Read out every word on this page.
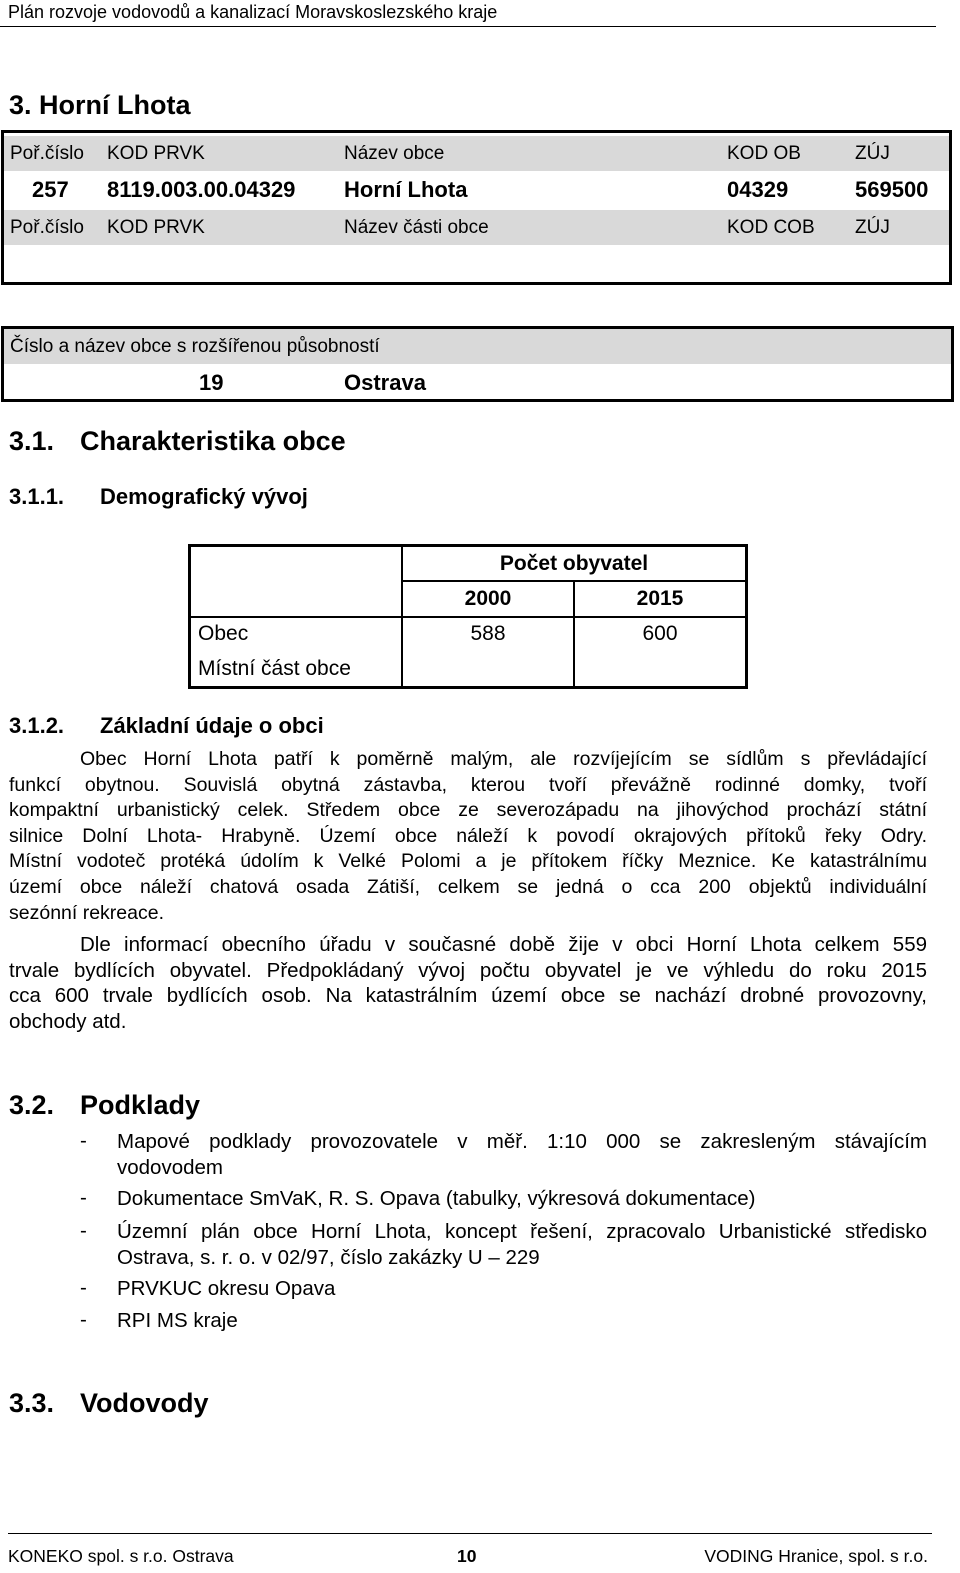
Plán rozvoje vodovodů a kanalizací Moravskoslezského kraje
3. Horní Lhota
Poř.číslo KOD PRVK	Název obce	KOD OB	ZÚJ
257 8119.003.00.04329 Horní Lhota	04329	569500
Poř.číslo KOD PRVK	Název části obce	KOD COB ZÚJ
Číslo a název obce s rozšířenou působností
19	Ostrava
3.1. Charakteristika obce
3.1.1. Demografický vývoj
Počet obyvatel
2000	2015
Obec	588	600
Místní část obce
3.1.2. Základní údaje o obci
Obec Horní Lhota patří k poměrně malým, ale rozvíjejícím se sídlům s převládající
funkcí obytnou. Souvislá obytná zástavba, kterou tvoří převážně rodinné domky, tvoří
kompaktní urbanistický celek. Středem obce ze severozápadu na jihovýchod prochází státní
silnice Dolní Lhota- Hrabyně. Území obce náleží k povodí okrajových přítoků řeky Odry.
Místní vodoteč protéká údolím k Velké Polomi a je přítokem říčky Meznice. Ke katastrálnímu
území obce náleží chatová osada Zátiší, celkem se jedná o cca 200 objektů individuální
sezónní rekreace.
Dle informací obecního úřadu v současné době žije v obci Horní Lhota celkem 559
trvale bydlících obyvatel. Předpokládaný vývoj počtu obyvatel je ve výhledu do roku 2015
cca 600 trvale bydlících osob. Na katastrálním území obce se nachází drobné provozovny,
obchody atd.
3.2. Podklady
- Mapové podklady provozovatele v měř. 1:10 000 se zakresleným stávajícím
vodovodem
- Dokumentace SmVaK, R. S. Opava (tabulky, výkresová dokumentace)
- Územní plán obce Horní Lhota, koncept řešení, zpracovalo Urbanistické středisko
Ostrava, s. r. o. v 02/97, číslo zakázky U – 229
- PRVKUC okresu Opava
- RPI MS kraje
3.3. Vodovody
KONEKO spol. s r.o. Ostrava	10	VODING Hranice, spol. s r.o.
